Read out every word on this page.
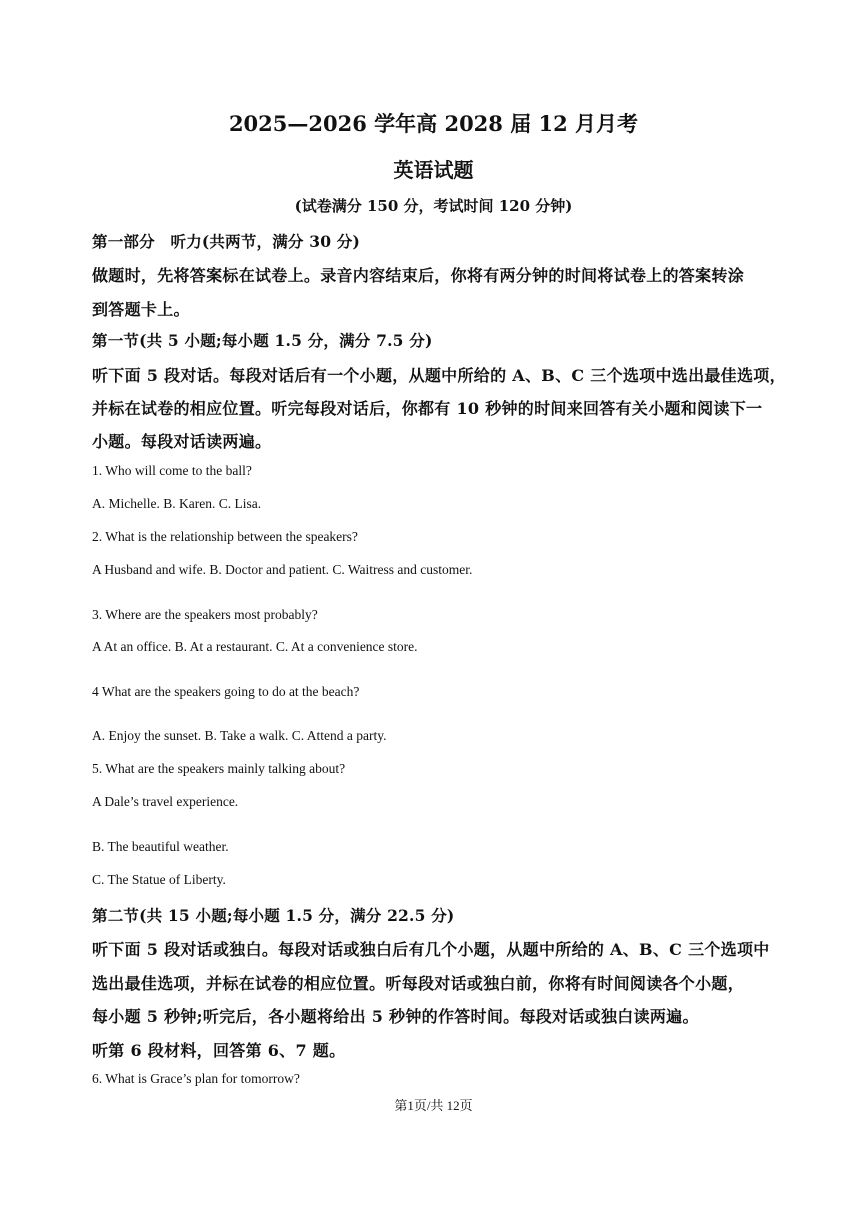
2025—2026 学年高 2028 届 12 月月考
英语试题
(试卷满分 150 分，考试时间 120 分钟)
第一部分　听力(共两节，满分 30 分)
做题时，先将答案标在试卷上。录音内容结束后，你将有两分钟的时间将试卷上的答案转涂
到答题卡上。
第一节(共 5 小题;每小题 1.5 分，满分 7.5 分)
听下面 5 段对话。每段对话后有一个小题，从题中所给的 A、B、C 三个选项中选出最佳选项，
并标在试卷的相应位置。听完每段对话后，你都有 10 秒钟的时间来回答有关小题和阅读下一
小题。每段对话读两遍。
1. Who will come to the ball?
A. Michelle. B. Karen. C. Lisa.
2. What is the relationship between the speakers?
A Husband and wife. B. Doctor and patient. C. Waitress and customer.
3. Where are the speakers most probably?
A At an office. B. At a restaurant. C. At a convenience store.
4 What are the speakers going to do at the beach?
A. Enjoy the sunset. B. Take a walk. C. Attend a party.
5. What are the speakers mainly talking about?
A Dale’s travel experience.
B. The beautiful weather.
C. The Statue of Liberty.
第二节(共 15 小题;每小题 1.5 分，满分 22.5 分)
听下面 5 段对话或独白。每段对话或独白后有几个小题，从题中所给的 A、B、C 三个选项中
选出最佳选项，并标在试卷的相应位置。听每段对话或独白前，你将有时间阅读各个小题，
每小题 5 秒钟;听完后，各小题将给出 5 秒钟的作答时间。每段对话或独白读两遍。
听第 6 段材料，回答第 6、7 题。
6. What is Grace’s plan for tomorrow?
第1页/共 12页
